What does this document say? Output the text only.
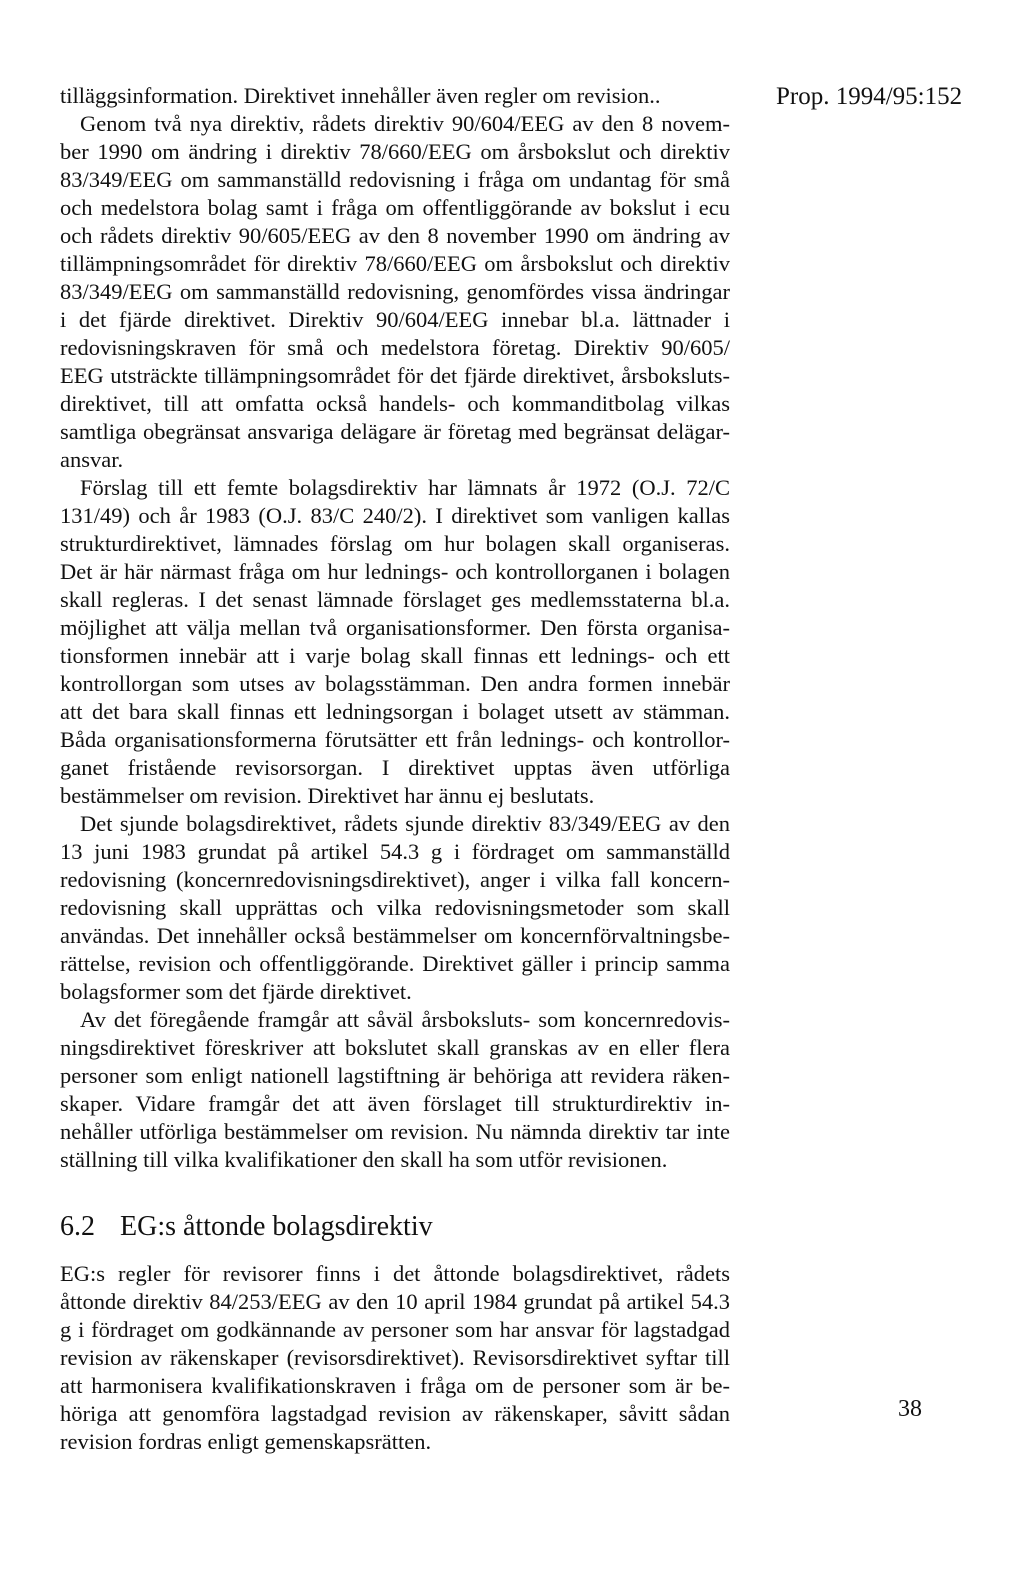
Prop. 1994/95:152
tilläggsinformation. Direktivet innehåller även regler om revision..
Genom två nya direktiv, rådets direktiv 90/604/EEG av den 8 novem-
ber 1990 om ändring i direktiv 78/660/EEG om årsbokslut och direktiv
83/349/EEG om sammanställd redovisning i fråga om undantag för små
och medelstora bolag samt i fråga om offentliggörande av bokslut i ecu
och rådets direktiv 90/605/EEG av den 8 november 1990 om ändring av
tillämpningsområdet för direktiv 78/660/EEG om årsbokslut och direktiv
83/349/EEG om sammanställd redovisning, genomfördes vissa ändringar
i det fjärde direktivet. Direktiv 90/604/EEG innebar bl.a. lättnader i
redovisningskraven för små och medelstora företag. Direktiv 90/605/
EEG utsträckte tillämpningsområdet för det fjärde direktivet, årsboksluts-
direktivet, till att omfatta också handels- och kommanditbolag vilkas
samtliga obegränsat ansvariga delägare är företag med begränsat delägar-
ansvar.
Förslag till ett femte bolagsdirektiv har lämnats år 1972 (O.J. 72/C
131/49) och år 1983 (O.J. 83/C 240/2). I direktivet som vanligen kallas
strukturdirektivet, lämnades förslag om hur bolagen skall organiseras.
Det är här närmast fråga om hur lednings- och kontrollorganen i bolagen
skall regleras. I det senast lämnade förslaget ges medlemsstaterna bl.a.
möjlighet att välja mellan två organisationsformer. Den första organisa-
tionsformen innebär att i varje bolag skall finnas ett lednings- och ett
kontrollorgan som utses av bolagsstämman. Den andra formen innebär
att det bara skall finnas ett ledningsorgan i bolaget utsett av stämman.
Båda organisationsformerna förutsätter ett från lednings- och kontrollor-
ganet fristående revisorsorgan. I direktivet upptas även utförliga
bestämmelser om revision. Direktivet har ännu ej beslutats.
Det sjunde bolagsdirektivet, rådets sjunde direktiv 83/349/EEG av den
13 juni 1983 grundat på artikel 54.3 g i fördraget om sammanställd
redovisning (koncernredovisningsdirektivet), anger i vilka fall koncern-
redovisning skall upprättas och vilka redovisningsmetoder som skall
användas. Det innehåller också bestämmelser om koncernförvaltningsbe-
rättelse, revision och offentliggörande. Direktivet gäller i princip samma
bolagsformer som det fjärde direktivet.
Av det föregående framgår att såväl årsboksluts- som koncernredovis-
ningsdirektivet föreskriver att bokslutet skall granskas av en eller flera
personer som enligt nationell lagstiftning är behöriga att revidera räken-
skaper. Vidare framgår det att även förslaget till strukturdirektiv in-
nehåller utförliga bestämmelser om revision. Nu nämnda direktiv tar inte
ställning till vilka kvalifikationer den skall ha som utför revisionen.
6.2 EG:s åttonde bolagsdirektiv
EG:s regler för revisorer finns i det åttonde bolagsdirektivet, rådets
åttonde direktiv 84/253/EEG av den 10 april 1984 grundat på artikel 54.3
g i fördraget om godkännande av personer som har ansvar för lagstadgad
revision av räkenskaper (revisorsdirektivet). Revisorsdirektivet syftar till
att harmonisera kvalifikationskraven i fråga om de personer som är be-
höriga att genomföra lagstadgad revision av räkenskaper, såvitt sådan
revision fordras enligt gemenskapsrätten.
38
